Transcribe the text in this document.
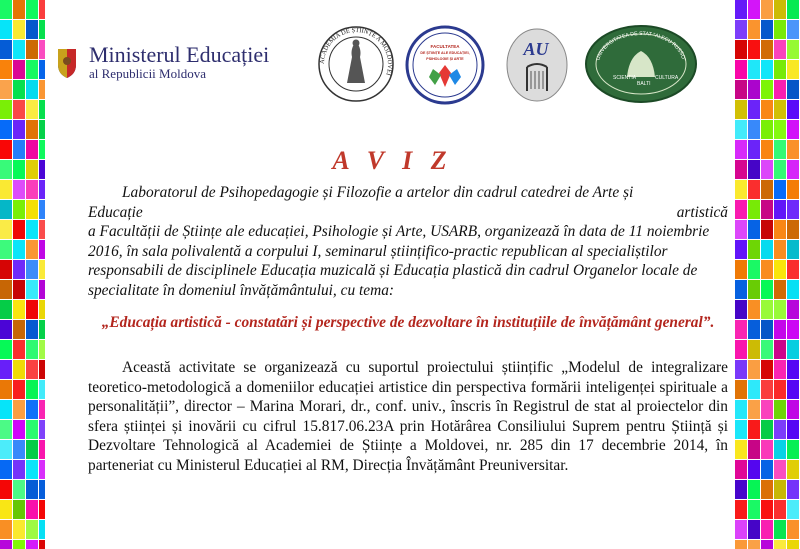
Ministerul Educației
al Republicii Moldova
ACADEMIA DE ȘTIINȚE A MOLDOVEI
FACULTATEA
DE ȘTIINȚE ALE EDUCAȚIEI,
PSIHOLOGIE ȘI ARTE	AU	UNIVERSITATEA DE STAT "ALECU RUSSO"
SCIENTIA
BALTI
CULTURA
A V I Z
Laboratorul de Psihopedagogie și Filozofie a artelor din cadrul catedrei de Arte și
Educație	artistică
a Facultății de Științe ale educației, Psihologie și Arte, USARB, organizează în data de 11 noiembrie 2016, în sala polivalentă a corpului I, seminarul științifico-practic republican al specialiștilor responsabili de disciplinele Educația muzicală și Educația plastică din cadrul Organelor locale de specialitate în domeniul învățământului, cu tema:
„Educația artistică - constatări și perspective de dezvoltare în instituțiile de învățământ general”.
Această activitate se organizează cu suportul proiectului științific „Modelul de integralizare teoretico-metodologică a domeniilor educației artistice din perspectiva formării inteligenței spirituale a personalității”, director – Marina Morari, dr., conf. univ., înscris în Registrul de stat al proiectelor din sfera științei și inovării cu cifrul 15.817.06.23A prin Hotărârea Consiliului Suprem pentru Știință și Dezvoltare Tehnologică al Academiei de Științe a Moldovei, nr. 285 din 17 decembrie 2014, în parteneriat cu Ministerul Educației al RM, Direcția Învățământ Preuniversitar.
